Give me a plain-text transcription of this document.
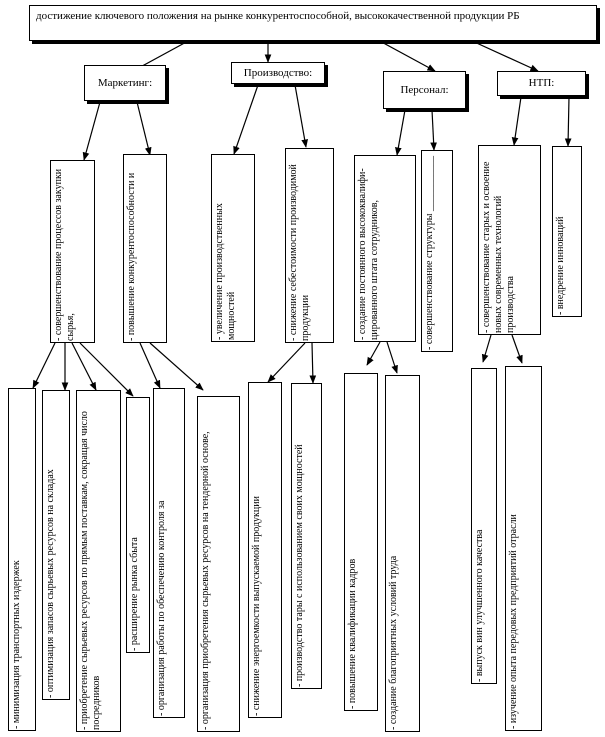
достижение ключевого положения на рынке конкурентоспособной, высококачественной продукции РБ
Маркетинг:
Производство:
Персонал:
НТП:
- совершенствование процессов закупки сырья,	- повышение конкурентоспособности и	- увеличение производственных мощностей	- снижение себестоимости производимой продукции	- создание постоянного высококвалифи-цированного штата сотрудников,	- совершенствование структуры ___________	- совершенствование старых и освоение новых современных технологий производства	- внедрение инноваций
- минимизация транспортных издержек	- оптимизация запасов сырьевых ресурсов на складах	- приобретение сырьевых ресурсов по прямым поставкам, сокращая число посредников
- расширение рынка сбыта	- организация работы по обеспечению контроля за	- организация приобретения сырьевых ресурсов на тендерной основе,	- снижение энергоемкости выпускаемой продукции	- производство тары с использованием своих мощностей	- повышение квалификации кадров	- создание благоприятных условий труда	- выпуск вин улучшенного качества	- изучение опыта передовых предприятий отрасли
